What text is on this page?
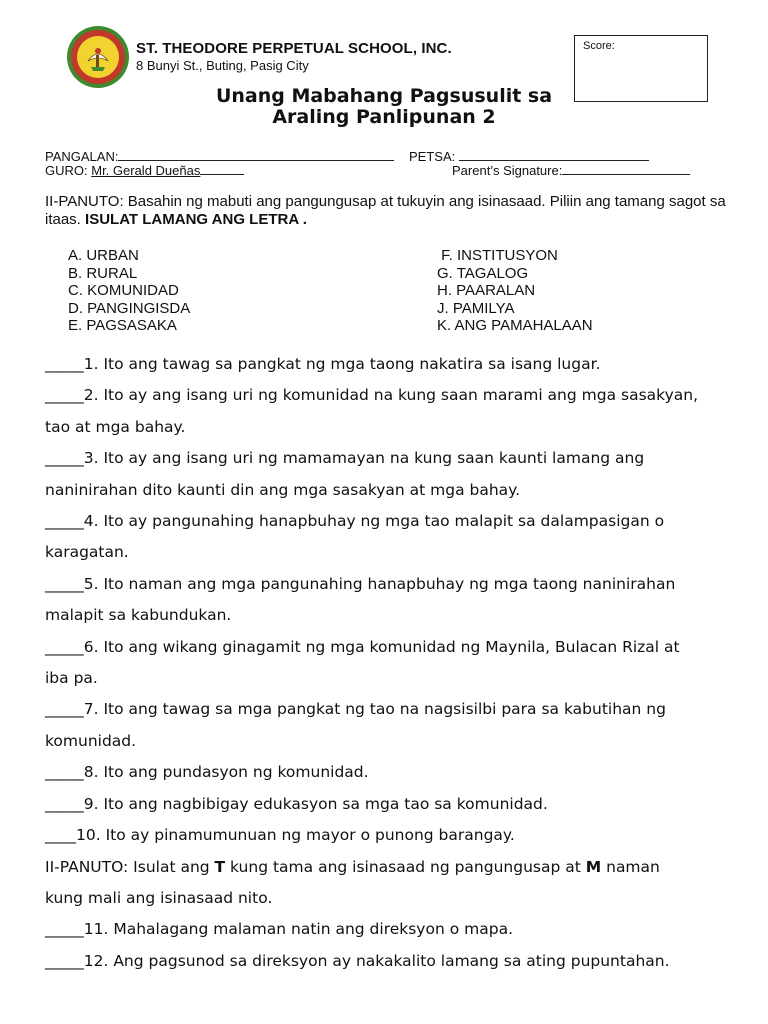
ST. THEODORE PERPETUAL SCHOOL, INC.
8 Bunyi St., Buting, Pasig City
Score:
Unang Mabahang Pagsusulit sa
Araling Panlipunan 2
PANGALAN:	PETSA:
GURO: Mr. Gerald Dueñas	Parent’s Signature:
II-PANUTO: Basahin ng mabuti ang pangungusap at tukuyin ang isinasaad. Piliin ang tamang sagot sa itaas. ISULAT LAMANG ANG LETRA .
A. URBAN
B. RURAL
C. KOMUNIDAD
D. PANGINGISDA
E. PAGSASAKA
F. INSTITUSYON
G. TAGALOG
H. PAARALAN
J. PAMILYA
K. ANG PAMAHALAAN
_____1. Ito ang tawag sa pangkat ng mga taong nakatira sa isang lugar.
_____2. Ito ay ang isang uri ng komunidad na kung saan marami ang mga sasakyan,
tao at mga bahay.
_____3. Ito ay ang isang uri ng mamamayan na kung saan kaunti lamang ang
naninirahan dito kaunti din ang mga sasakyan at mga bahay.
_____4. Ito ay pangunahing hanapbuhay ng mga tao malapit sa dalampasigan o
karagatan.
_____5. Ito naman ang mga pangunahing hanapbuhay ng mga taong naninirahan
malapit sa kabundukan.
_____6. Ito ang wikang ginagamit ng mga komunidad ng Maynila, Bulacan Rizal at
iba pa.
_____7. Ito ang tawag sa mga pangkat ng tao na nagsisilbi para sa kabutihan ng
komunidad.
_____8. Ito ang pundasyon ng komunidad.
_____9. Ito ang nagbibigay edukasyon sa mga tao sa komunidad.
____10. Ito ay pinamumunuan ng mayor o punong barangay.
II-PANUTO: Isulat ang T kung tama ang isinasaad ng pangungusap at M naman
kung mali ang isinasaad nito.
_____11. Mahalagang malaman natin ang direksyon o mapa.
_____12. Ang pagsunod sa direksyon ay nakakalito lamang sa ating pupuntahan.
